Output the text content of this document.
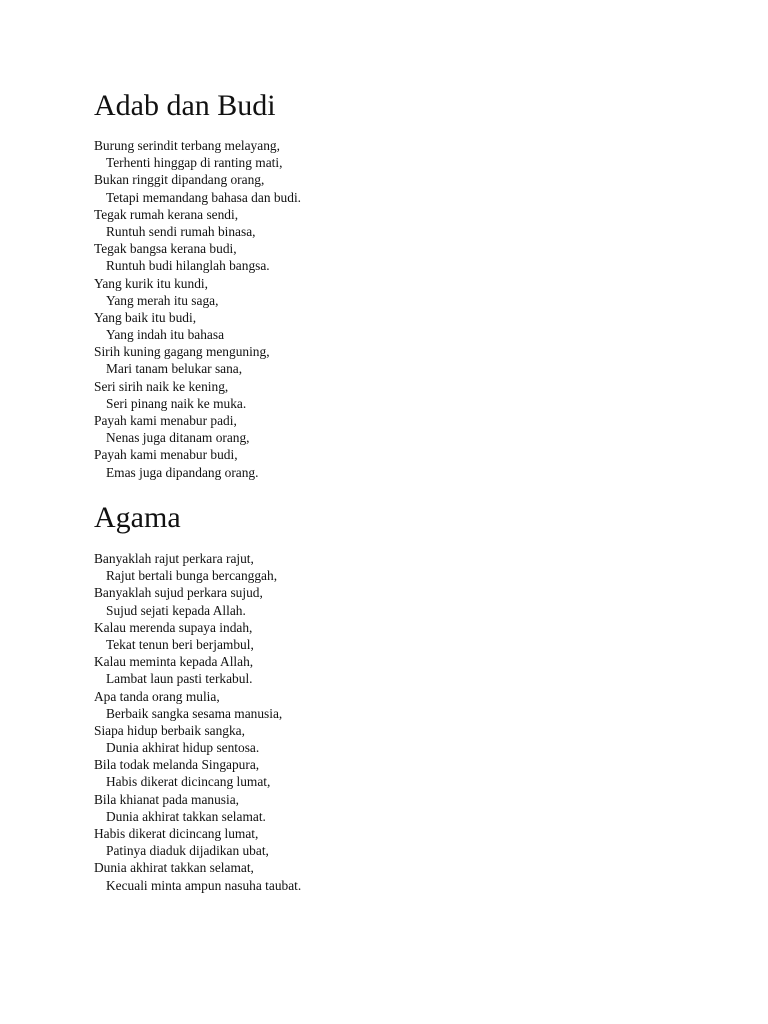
Adab dan Budi
Burung serindit terbang melayang,
Terhenti hinggap di ranting mati,
Bukan ringgit dipandang orang,
Tetapi memandang bahasa dan budi.
Tegak rumah kerana sendi,
Runtuh sendi rumah binasa,
Tegak bangsa kerana budi,
Runtuh budi hilanglah bangsa.
Yang kurik itu kundi,
Yang merah itu saga,
Yang baik itu budi,
Yang indah itu bahasa
Sirih kuning gagang menguning,
Mari tanam belukar sana,
Seri sirih naik ke kening,
Seri pinang naik ke muka.
Payah kami menabur padi,
Nenas juga ditanam orang,
Payah kami menabur budi,
Emas juga dipandang orang.
Agama
Banyaklah rajut perkara rajut,
Rajut bertali bunga bercanggah,
Banyaklah sujud perkara sujud,
Sujud sejati kepada Allah.
Kalau merenda supaya indah,
Tekat tenun beri berjambul,
Kalau meminta kepada Allah,
Lambat laun pasti terkabul.
Apa tanda orang mulia,
Berbaik sangka sesama manusia,
Siapa hidup berbaik sangka,
Dunia akhirat hidup sentosa.
Bila todak melanda Singapura,
Habis dikerat dicincang lumat,
Bila khianat pada manusia,
Dunia akhirat takkan selamat.
Habis dikerat dicincang lumat,
Patinya diaduk dijadikan ubat,
Dunia akhirat takkan selamat,
Kecuali minta ampun nasuha taubat.
